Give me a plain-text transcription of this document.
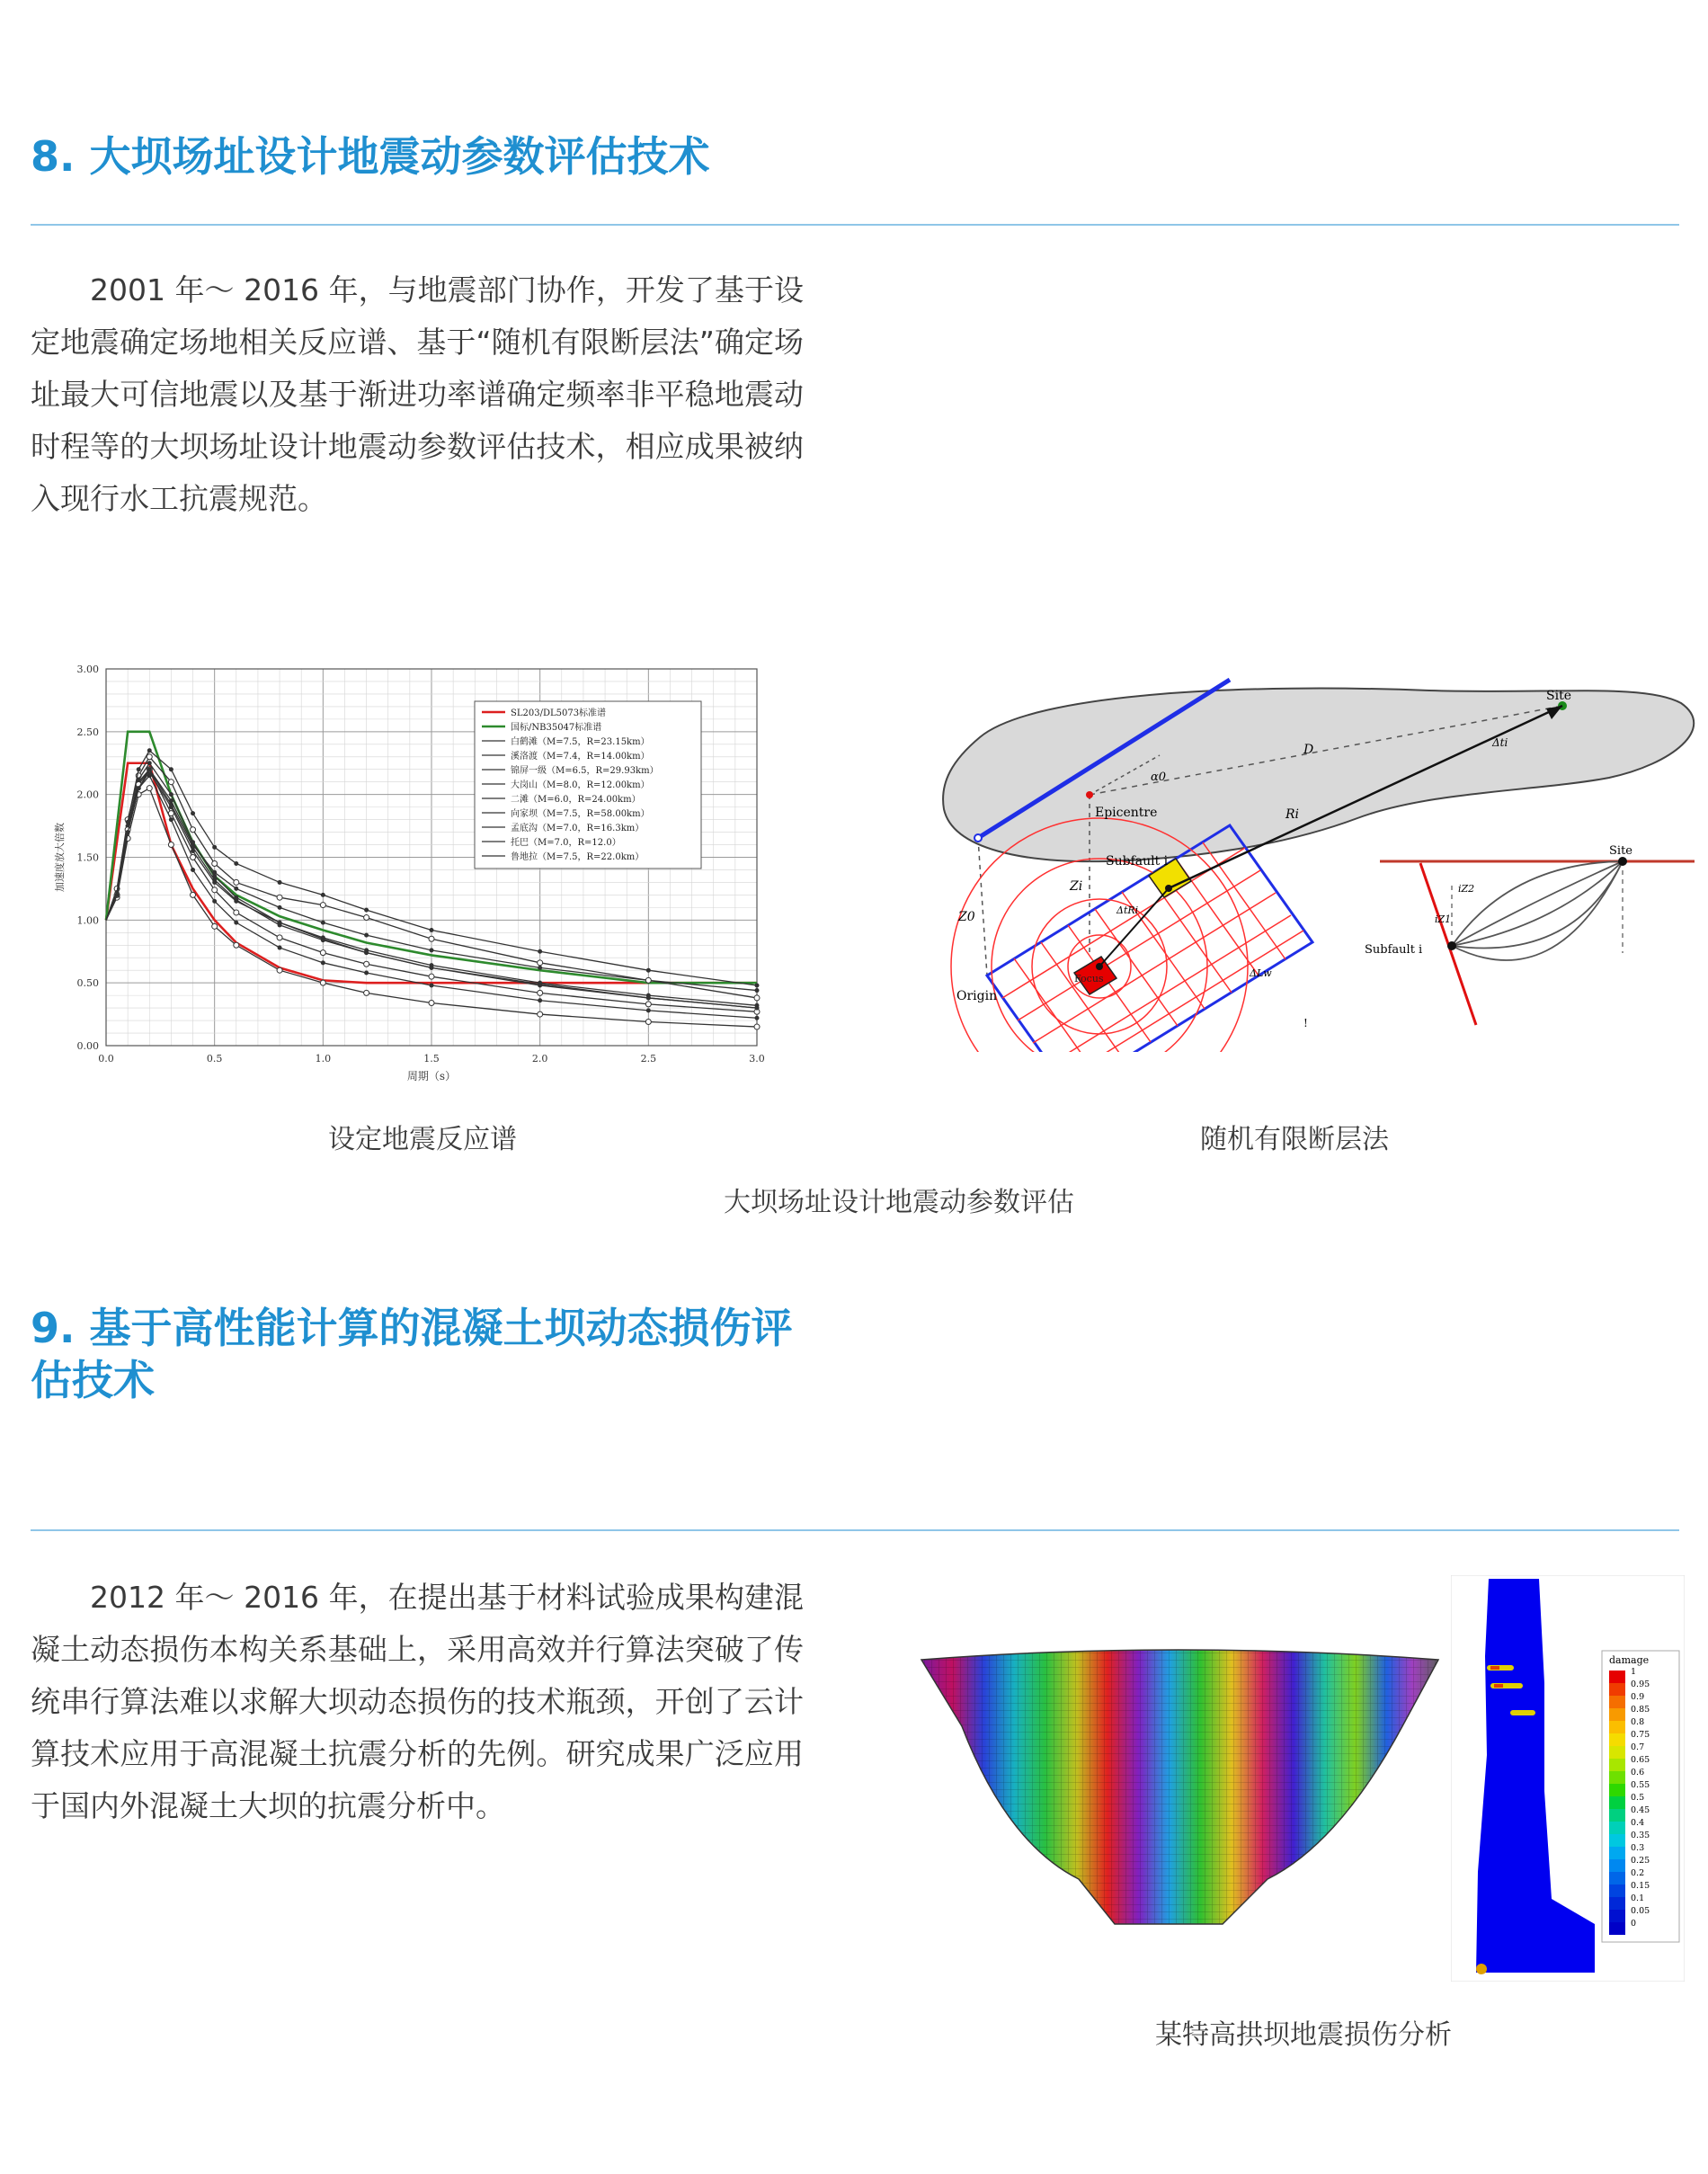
8. 大坝场址设计地震动参数评估技术

2001 年～ 2016 年，与地震部门协作，开发了基于设定地震确定场地相关反应谱、基于“随机有限断层法”确定场址最大可信地震以及基于渐进功率谱确定频率非平稳地震动时程等的大坝场址设计地震动参数评估技术，相应成果被纳入现行水工抗震规范。

0.0	0.5	1.0	1.5	2.0	2.5	3.0
0.00
0.50
1.00
1.50
2.00
2.50
3.00
周期（s）
加速度放大倍数
SL203/DL5073标准谱
国标/NB35047标准谱
白鹤滩（M=7.5，R=23.15km）
溪洛渡（M=7.4，R=14.00km）
锦屏一级（M=6.5，R=29.93km）
大岗山（M=8.0，R=12.00km）
二滩（M=6.0，R=24.00km）
向家坝（M=7.5，R=58.00km）
孟底沟（M=7.0，R=16.3km）
托巴（M=7.0，R=12.0）
鲁地拉（M=7.5，R=22.0km）

设定地震反应谱

Site
Epicentre
Subfault i
Origin
Focus
D
Ri
Zi
Z0
α0
Δti
ΔtRi
ΔLw
Site
Subfault i
iZ2
iZ1
!

随机有限断层法

大坝场址设计地震动参数评估

9. 基于高性能计算的混凝土坝动态损伤评估技术

2012 年～ 2016 年，在提出基于材料试验成果构建混凝土动态损伤本构关系基础上，采用高效并行算法突破了传统串行算法难以求解大坝动态损伤的技术瓶颈，开创了云计算技术应用于高混凝土抗震分析的先例。研究成果广泛应用于国内外混凝土大坝的抗震分析中。

damage
1
0.95
0.9
0.85
0.8
0.75
0.7
0.65
0.6
0.55
0.5
0.45
0.4
0.35
0.3
0.25
0.2
0.15
0.1
0.05
0

某特高拱坝地震损伤分析
